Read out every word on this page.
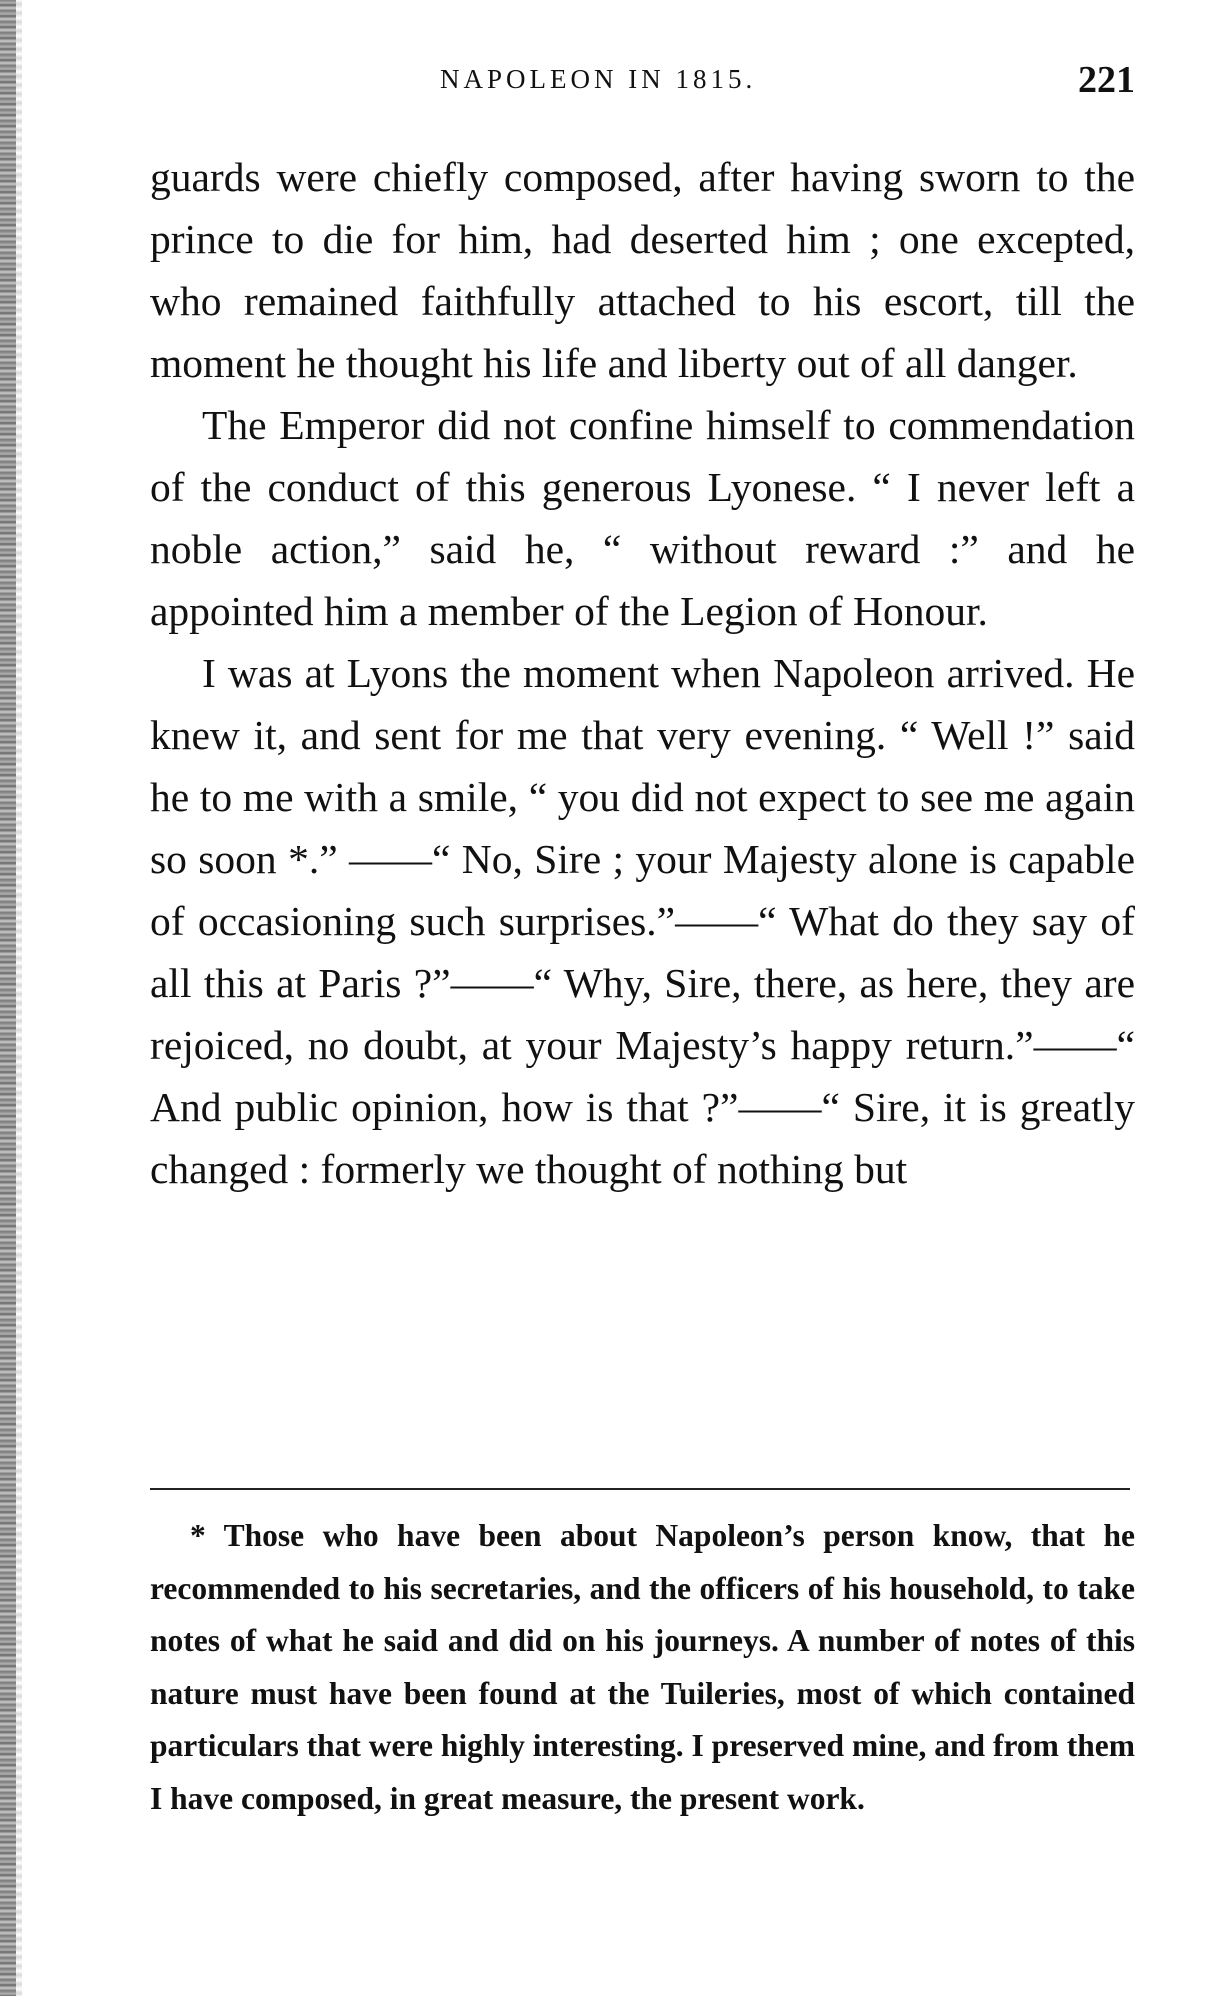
NAPOLEON IN 1815.	221

guards were chiefly composed, after having sworn to the prince to die for him, had deserted him ; one excepted, who remained faithfully attached to his escort, till the moment he thought his life and liberty out of all danger.

The Emperor did not confine himself to commendation of the conduct of this generous Lyonese. “ I never left a noble action,” said he, “ without reward :” and he appointed him a member of the Legion of Honour.

I was at Lyons the moment when Napoleon arrived. He knew it, and sent for me that very evening. “ Well !” said he to me with a smile, “ you did not expect to see me again so soon *.” ——“ No, Sire ; your Majesty alone is capable of occasioning such surprises.”——“ What do they say of all this at Paris ?”——“ Why, Sire, there, as here, they are rejoiced, no doubt, at your Majesty’s happy return.”——“ And public opinion, how is that ?”——“ Sire, it is greatly changed : formerly we thought of nothing but

* Those who have been about Napoleon’s person know, that he recommended to his secretaries, and the officers of his household, to take notes of what he said and did on his journeys. A number of notes of this nature must have been found at the Tuileries, most of which contained particulars that were highly interesting. I preserved mine, and from them I have composed, in great measure, the present work.
